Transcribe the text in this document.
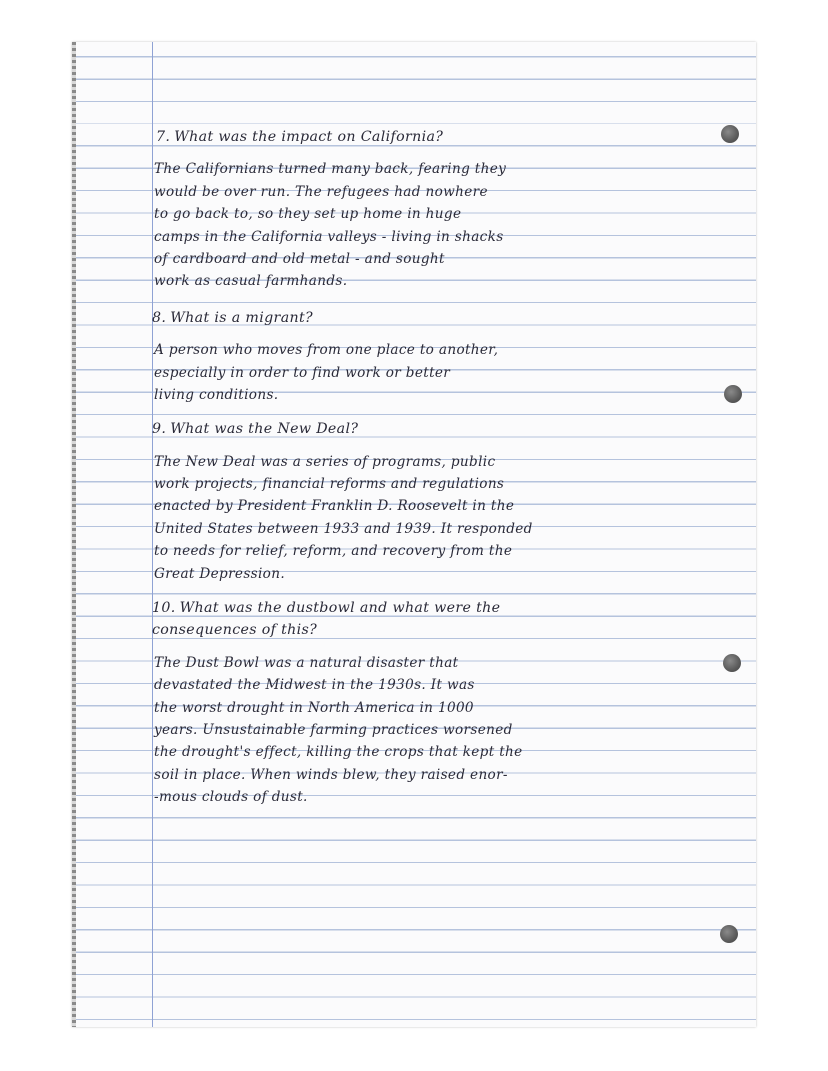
7. What was the impact on California?
The Californians turned many back, fearing they
would be over run. The refugees had nowhere
to go back to, so they set up home in huge
camps in the California valleys - living in shacks
of cardboard and old metal - and sought
work as casual farmhands.
8. What is a migrant?
A person who moves from one place to another,
especially in order to find work or better
living conditions.
9. What was the New Deal?
The New Deal was a series of programs, public
work projects, financial reforms and regulations
enacted by President Franklin D. Roosevelt in the
United States between 1933 and 1939. It responded
to needs for relief, reform, and recovery from the
Great Depression.
10. What was the dustbowl and what were the
consequences of this?
The Dust Bowl was a natural disaster that
devastated the Midwest in the 1930s. It was
the worst drought in North America in 1000
years. Unsustainable farming practices worsened
the drought's effect, killing the crops that kept the
soil in place. When winds blew, they raised enor-
-mous clouds of dust.
